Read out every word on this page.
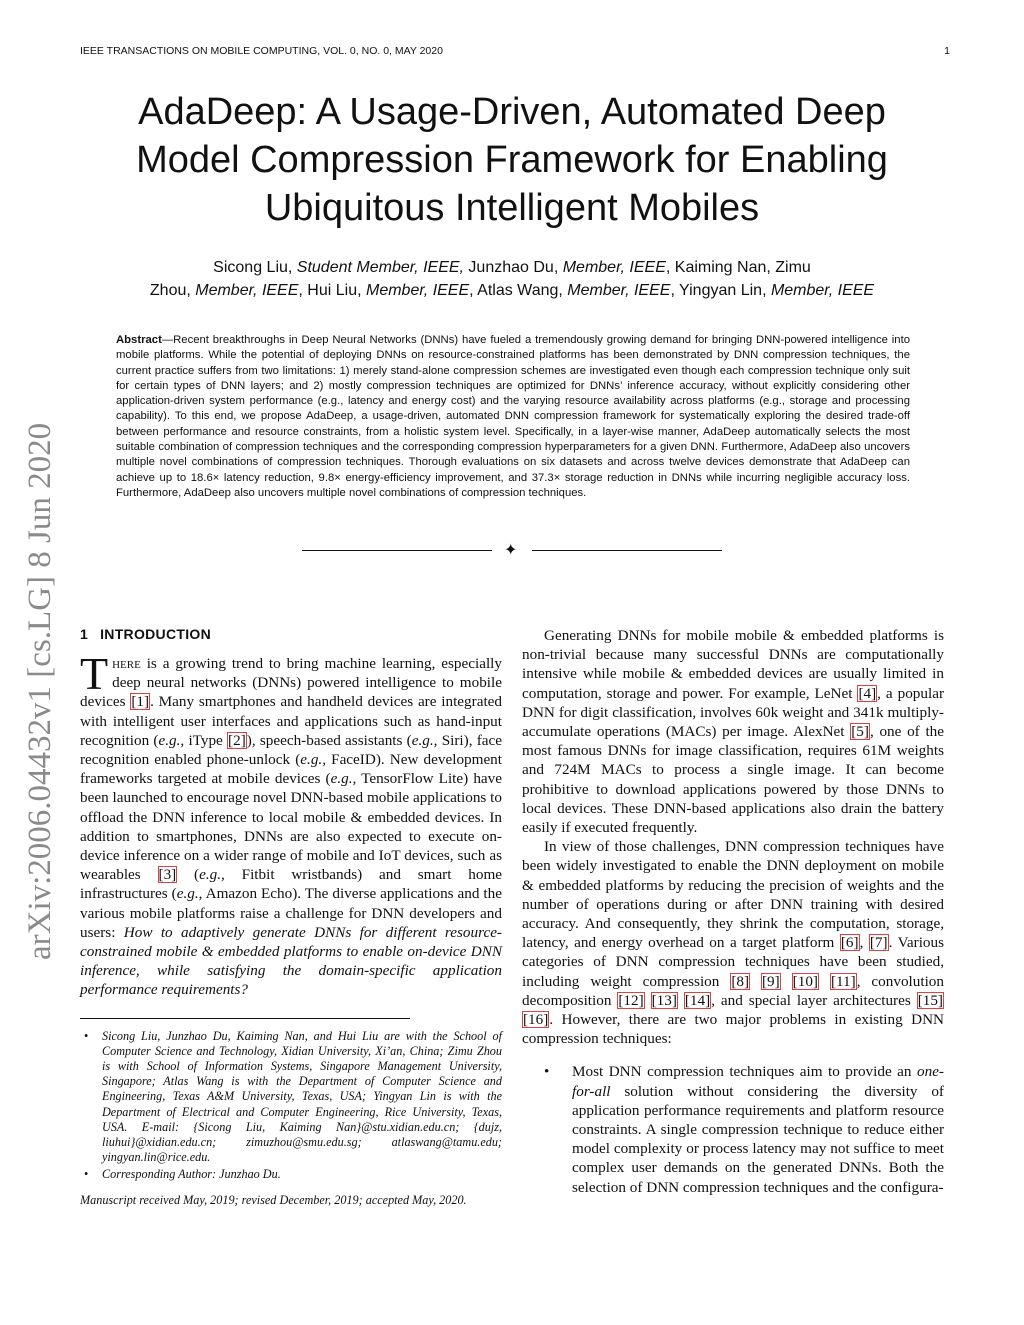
IEEE TRANSACTIONS ON MOBILE COMPUTING, VOL. 0, NO. 0, MAY 2020	1
arXiv:2006.04432v1 [cs.LG] 8 Jun 2020
AdaDeep: A Usage-Driven, Automated Deep
Model Compression Framework for Enabling
Ubiquitous Intelligent Mobiles
Sicong Liu, Student Member, IEEE, Junzhao Du, Member, IEEE, Kaiming Nan, Zimu
Zhou, Member, IEEE, Hui Liu, Member, IEEE, Atlas Wang, Member, IEEE, Yingyan Lin, Member, IEEE

Abstract—Recent breakthroughs in Deep Neural Networks (DNNs) have fueled a tremendously growing demand for bringing DNN-powered intelligence into mobile platforms. While the potential of deploying DNNs on resource-constrained platforms has been demonstrated by DNN compression techniques, the current practice suffers from two limitations: 1) merely stand-alone compression schemes are investigated even though each compression technique only suit for certain types of DNN layers; and 2) mostly compression techniques are optimized for DNNs’ inference accuracy, without explicitly considering other application-driven system performance (e.g., latency and energy cost) and the varying resource availability across platforms (e.g., storage and processing capability). To this end, we propose AdaDeep, a usage-driven, automated DNN compression framework for systematically exploring the desired trade-off between performance and resource constraints, from a holistic system level. Specifically, in a layer-wise manner, AdaDeep automatically selects the most suitable combination of compression techniques and the corresponding compression hyperparameters for a given DNN. Furthermore, AdaDeep also uncovers multiple novel combinations of compression techniques. Thorough evaluations on six datasets and across twelve devices demonstrate that AdaDeep can achieve up to 18.6× latency reduction, 9.8× energy-efficiency improvement, and 37.3× storage reduction in DNNs while incurring negligible accuracy loss. Furthermore, AdaDeep also uncovers multiple novel combinations of compression techniques.

✦
1 INTRODUCTION

There is a growing trend to bring machine learning, especially deep neural networks (DNNs) powered intelligence to mobile devices [1]. Many smartphones and handheld devices are integrated with intelligent user interfaces and applications such as hand-input recognition (e.g., iType [2]), speech-based assistants (e.g., Siri), face recognition enabled phone-unlock (e.g., FaceID). New development frameworks targeted at mobile devices (e.g., TensorFlow Lite) have been launched to encourage novel DNN-based mobile applications to offload the DNN inference to local mobile & embedded devices. In addition to smartphones, DNNs are also expected to execute on-device inference on a wider range of mobile and IoT devices, such as wearables [3] (e.g., Fitbit wristbands) and smart home infrastructures (e.g., Amazon Echo). The diverse applications and the various mobile platforms raise a challenge for DNN developers and users: How to adaptively generate DNNs for different resource-constrained mobile & embedded platforms to enable on-device DNN inference, while satisfying the domain-specific application performance requirements?

• Sicong Liu, Junzhao Du, Kaiming Nan, and Hui Liu are with the School of Computer Science and Technology, Xidian University, Xi’an, China; Zimu Zhou is with School of Information Systems, Singapore Management University, Singapore; Atlas Wang is with the Department of Computer Science and Engineering, Texas A&M University, Texas, USA; Yingyan Lin is with the Department of Electrical and Computer Engineering, Rice University, Texas, USA. E-mail: {Sicong Liu, Kaiming Nan}@stu.xidian.edu.cn; {dujz, liuhui}@xidian.edu.cn; zimuzhou@smu.edu.sg; atlaswang@tamu.edu; yingyan.lin@rice.edu.

• Corresponding Author: Junzhao Du.

Manuscript received May, 2019; revised December, 2019; accepted May, 2020.

Generating DNNs for mobile mobile & embedded platforms is non-trivial because many successful DNNs are computationally intensive while mobile & embedded devices are usually limited in computation, storage and power. For example, LeNet [4], a popular DNN for digit classification, involves 60k weight and 341k multiply-accumulate operations (MACs) per image. AlexNet [5], one of the most famous DNNs for image classification, requires 61M weights and 724M MACs to process a single image. It can become prohibitive to download applications powered by those DNNs to local devices. These DNN-based applications also drain the battery easily if executed frequently.

In view of those challenges, DNN compression techniques have been widely investigated to enable the DNN deployment on mobile & embedded platforms by reducing the precision of weights and the number of operations during or after DNN training with desired accuracy. And consequently, they shrink the computation, storage, latency, and energy overhead on a target platform [6], [7]. Various categories of DNN compression techniques have been studied, including weight compression [8] [9] [10] [11], convolution decomposition [12] [13] [14], and special layer architectures [15] [16]. However, there are two major problems in existing DNN compression techniques:

• Most DNN compression techniques aim to provide an one-for-all solution without considering the diversity of application performance requirements and platform resource constraints. A single compression technique to reduce either model complexity or process latency may not suffice to meet complex user demands on the generated DNNs. Both the selection of DNN compression techniques and the configura-
